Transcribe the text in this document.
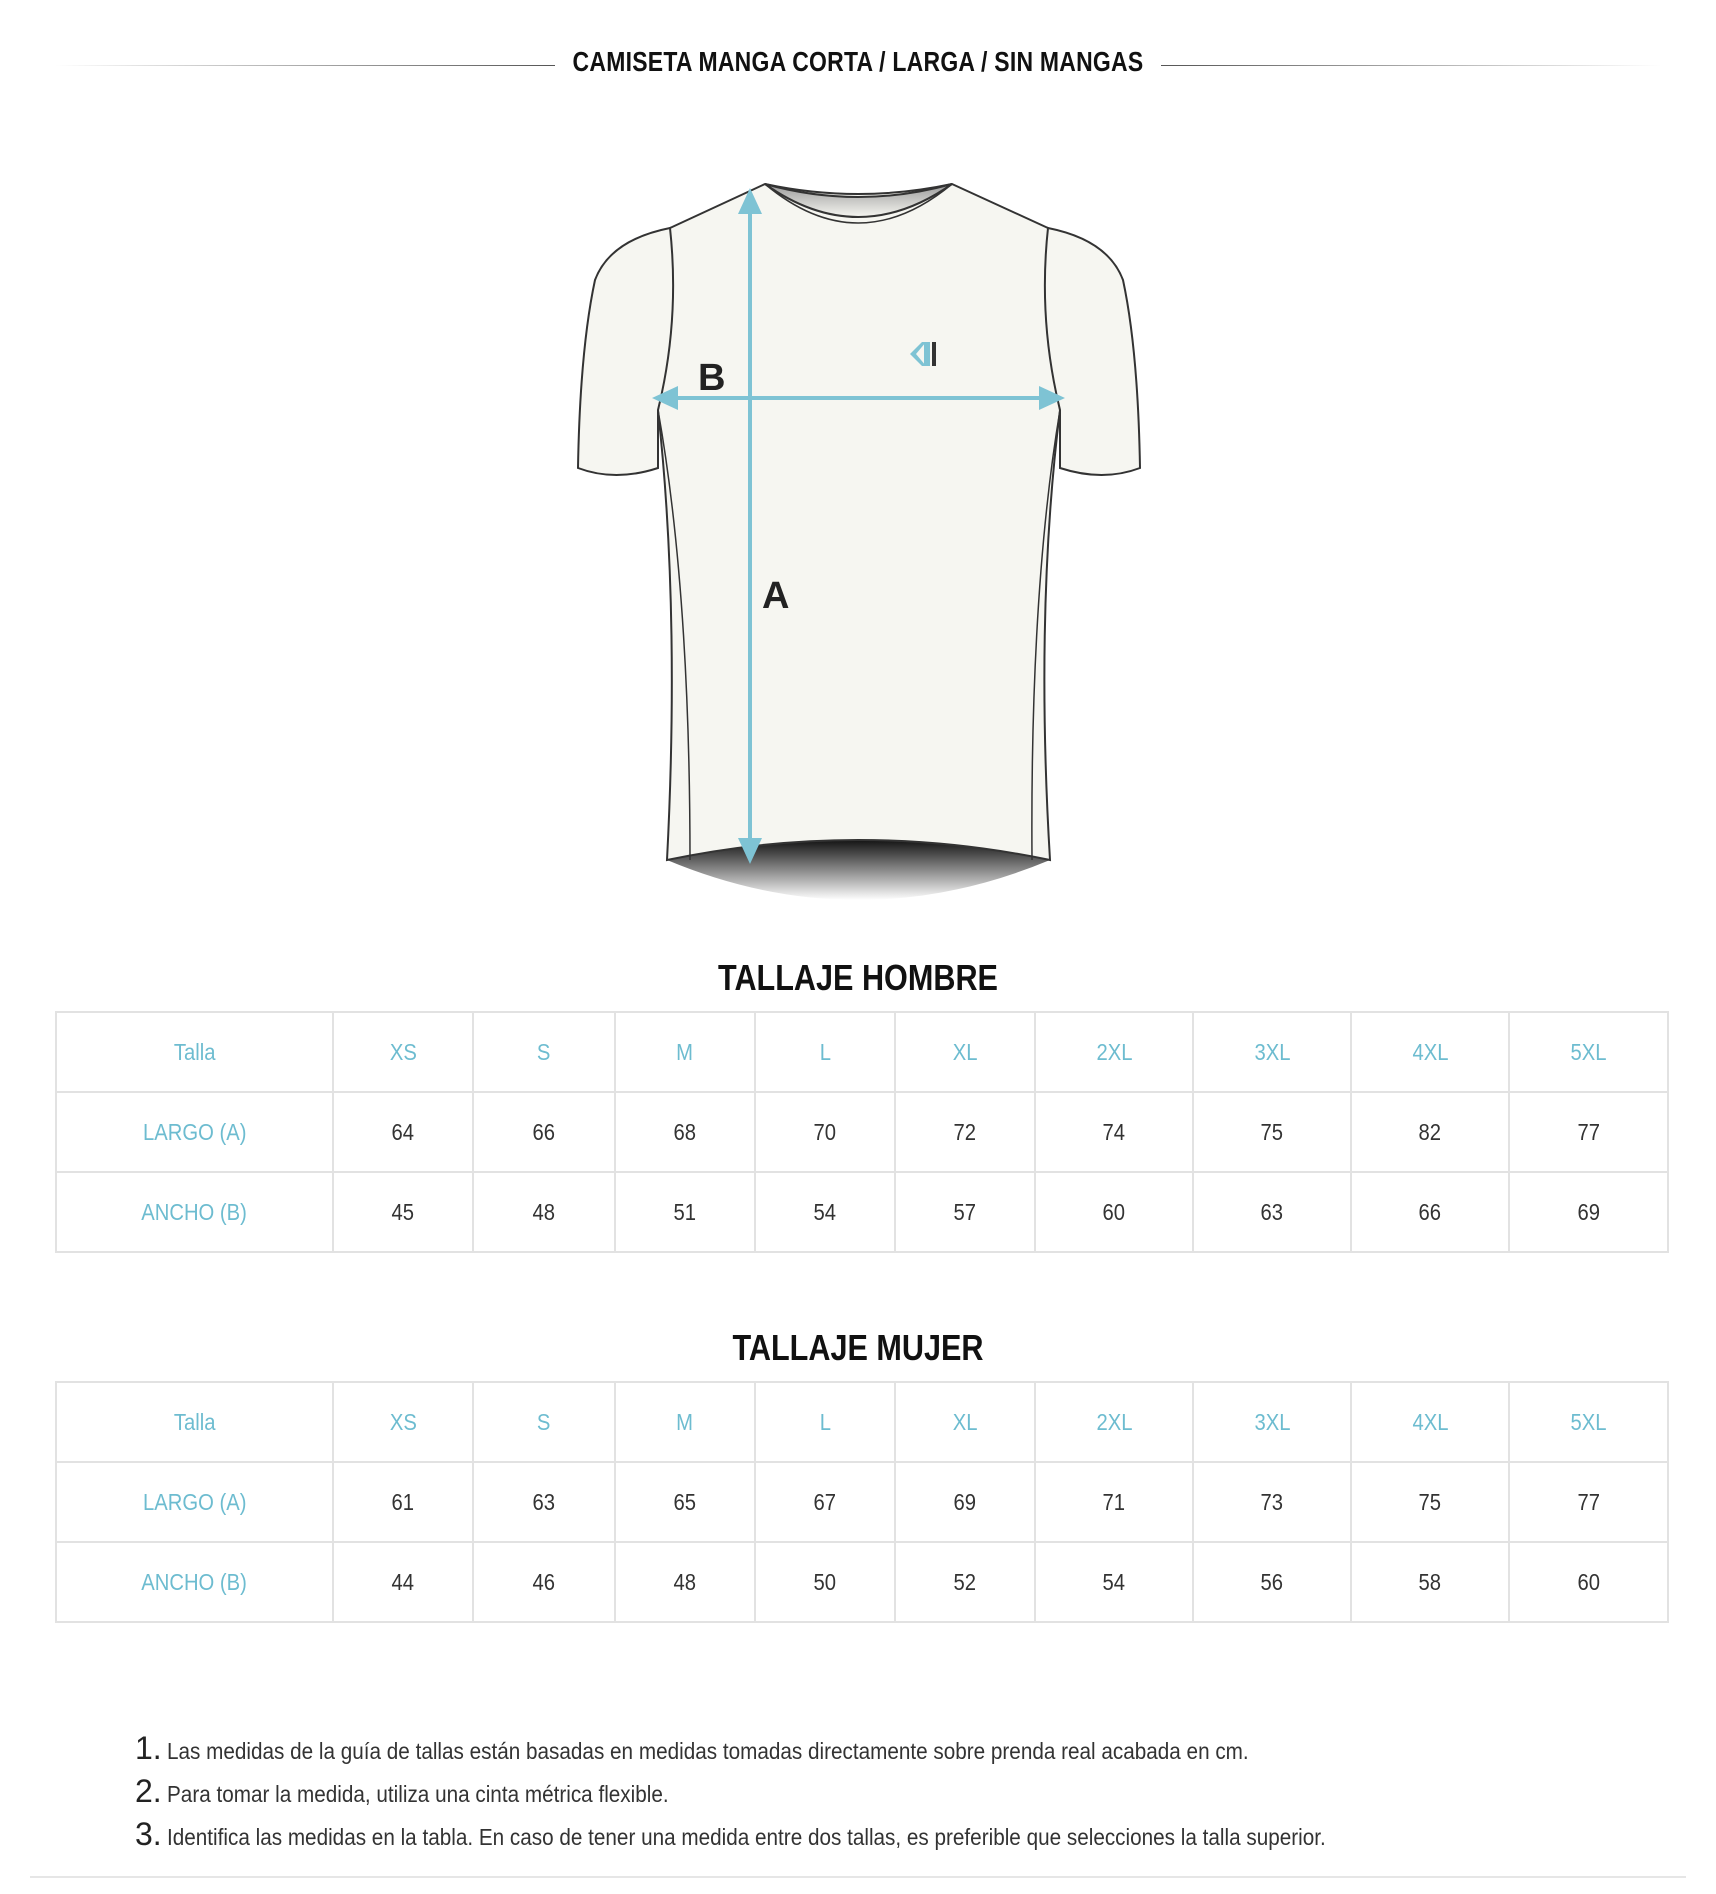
CAMISETA MANGA CORTA / LARGA / SIN MANGAS
B
A
TALLAJE HOMBRE
Talla	XS	S	M	L	XL	2XL	3XL	4XL	5XL
LARGO (A)	64	66	68	70	72	74	75	82	77
ANCHO (B)	45	48	51	54	57	60	63	66	69
TALLAJE MUJER
Talla	XS	S	M	L	XL	2XL	3XL	4XL	5XL
LARGO (A)	61	63	65	67	69	71	73	75	77
ANCHO (B)	44	46	48	50	52	54	56	58	60
1. Las medidas de la guía de tallas están basadas en medidas tomadas directamente sobre prenda real acabada en cm.
2. Para tomar la medida, utiliza una cinta métrica flexible.
3. Identifica las medidas en la tabla. En caso de tener una medida entre dos tallas, es preferible que selecciones la talla superior.
